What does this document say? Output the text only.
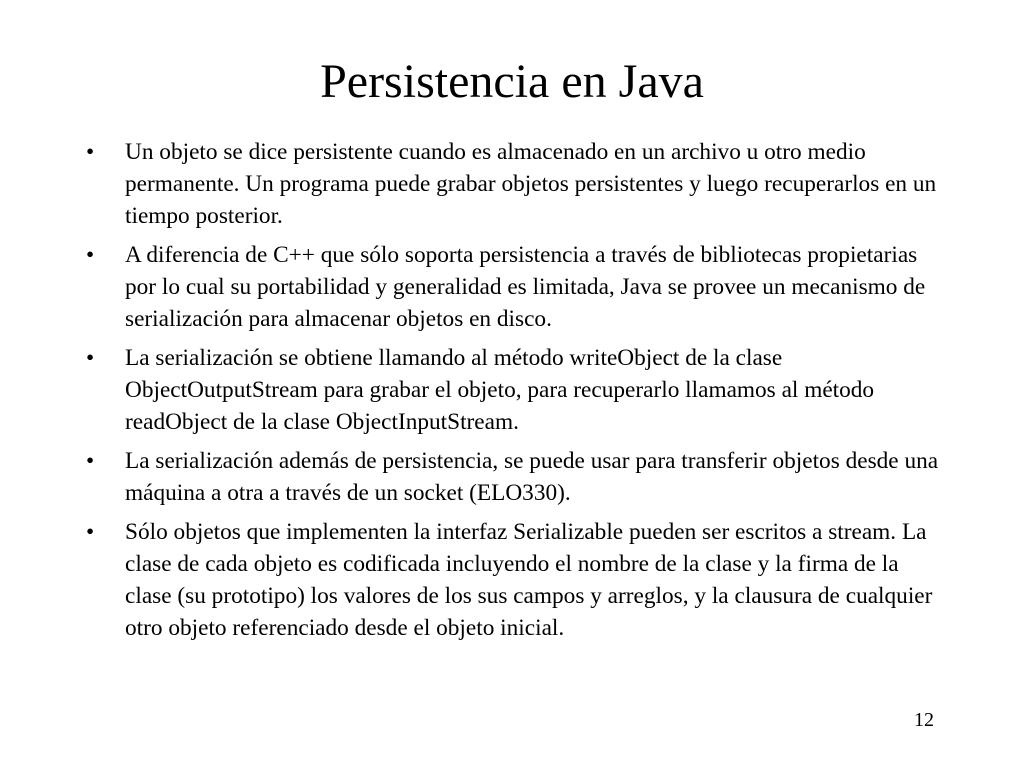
Persistencia en Java
• Un objeto se dice persistente cuando es almacenado en un archivo u otro medio permanente. Un programa puede grabar objetos persistentes y luego recuperarlos en un tiempo posterior.
• A diferencia de C++ que sólo soporta persistencia a través de bibliotecas propietarias por lo cual su portabilidad y generalidad es limitada, Java se provee un mecanismo de serialización para almacenar objetos en disco.
• La serialización se obtiene llamando al método writeObject de la clase ObjectOutputStream para grabar el objeto, para recuperarlo llamamos al método readObject de la clase ObjectInputStream.
• La serialización además de persistencia, se puede usar para transferir objetos desde una máquina a otra a través de un socket (ELO330).
• Sólo objetos que implementen la interfaz Serializable pueden ser escritos a stream. La clase de cada objeto es codificada incluyendo el nombre de la clase y la firma de la clase (su prototipo) los valores de los sus campos y arreglos, y la clausura de cualquier otro objeto referenciado desde el objeto inicial.
12
